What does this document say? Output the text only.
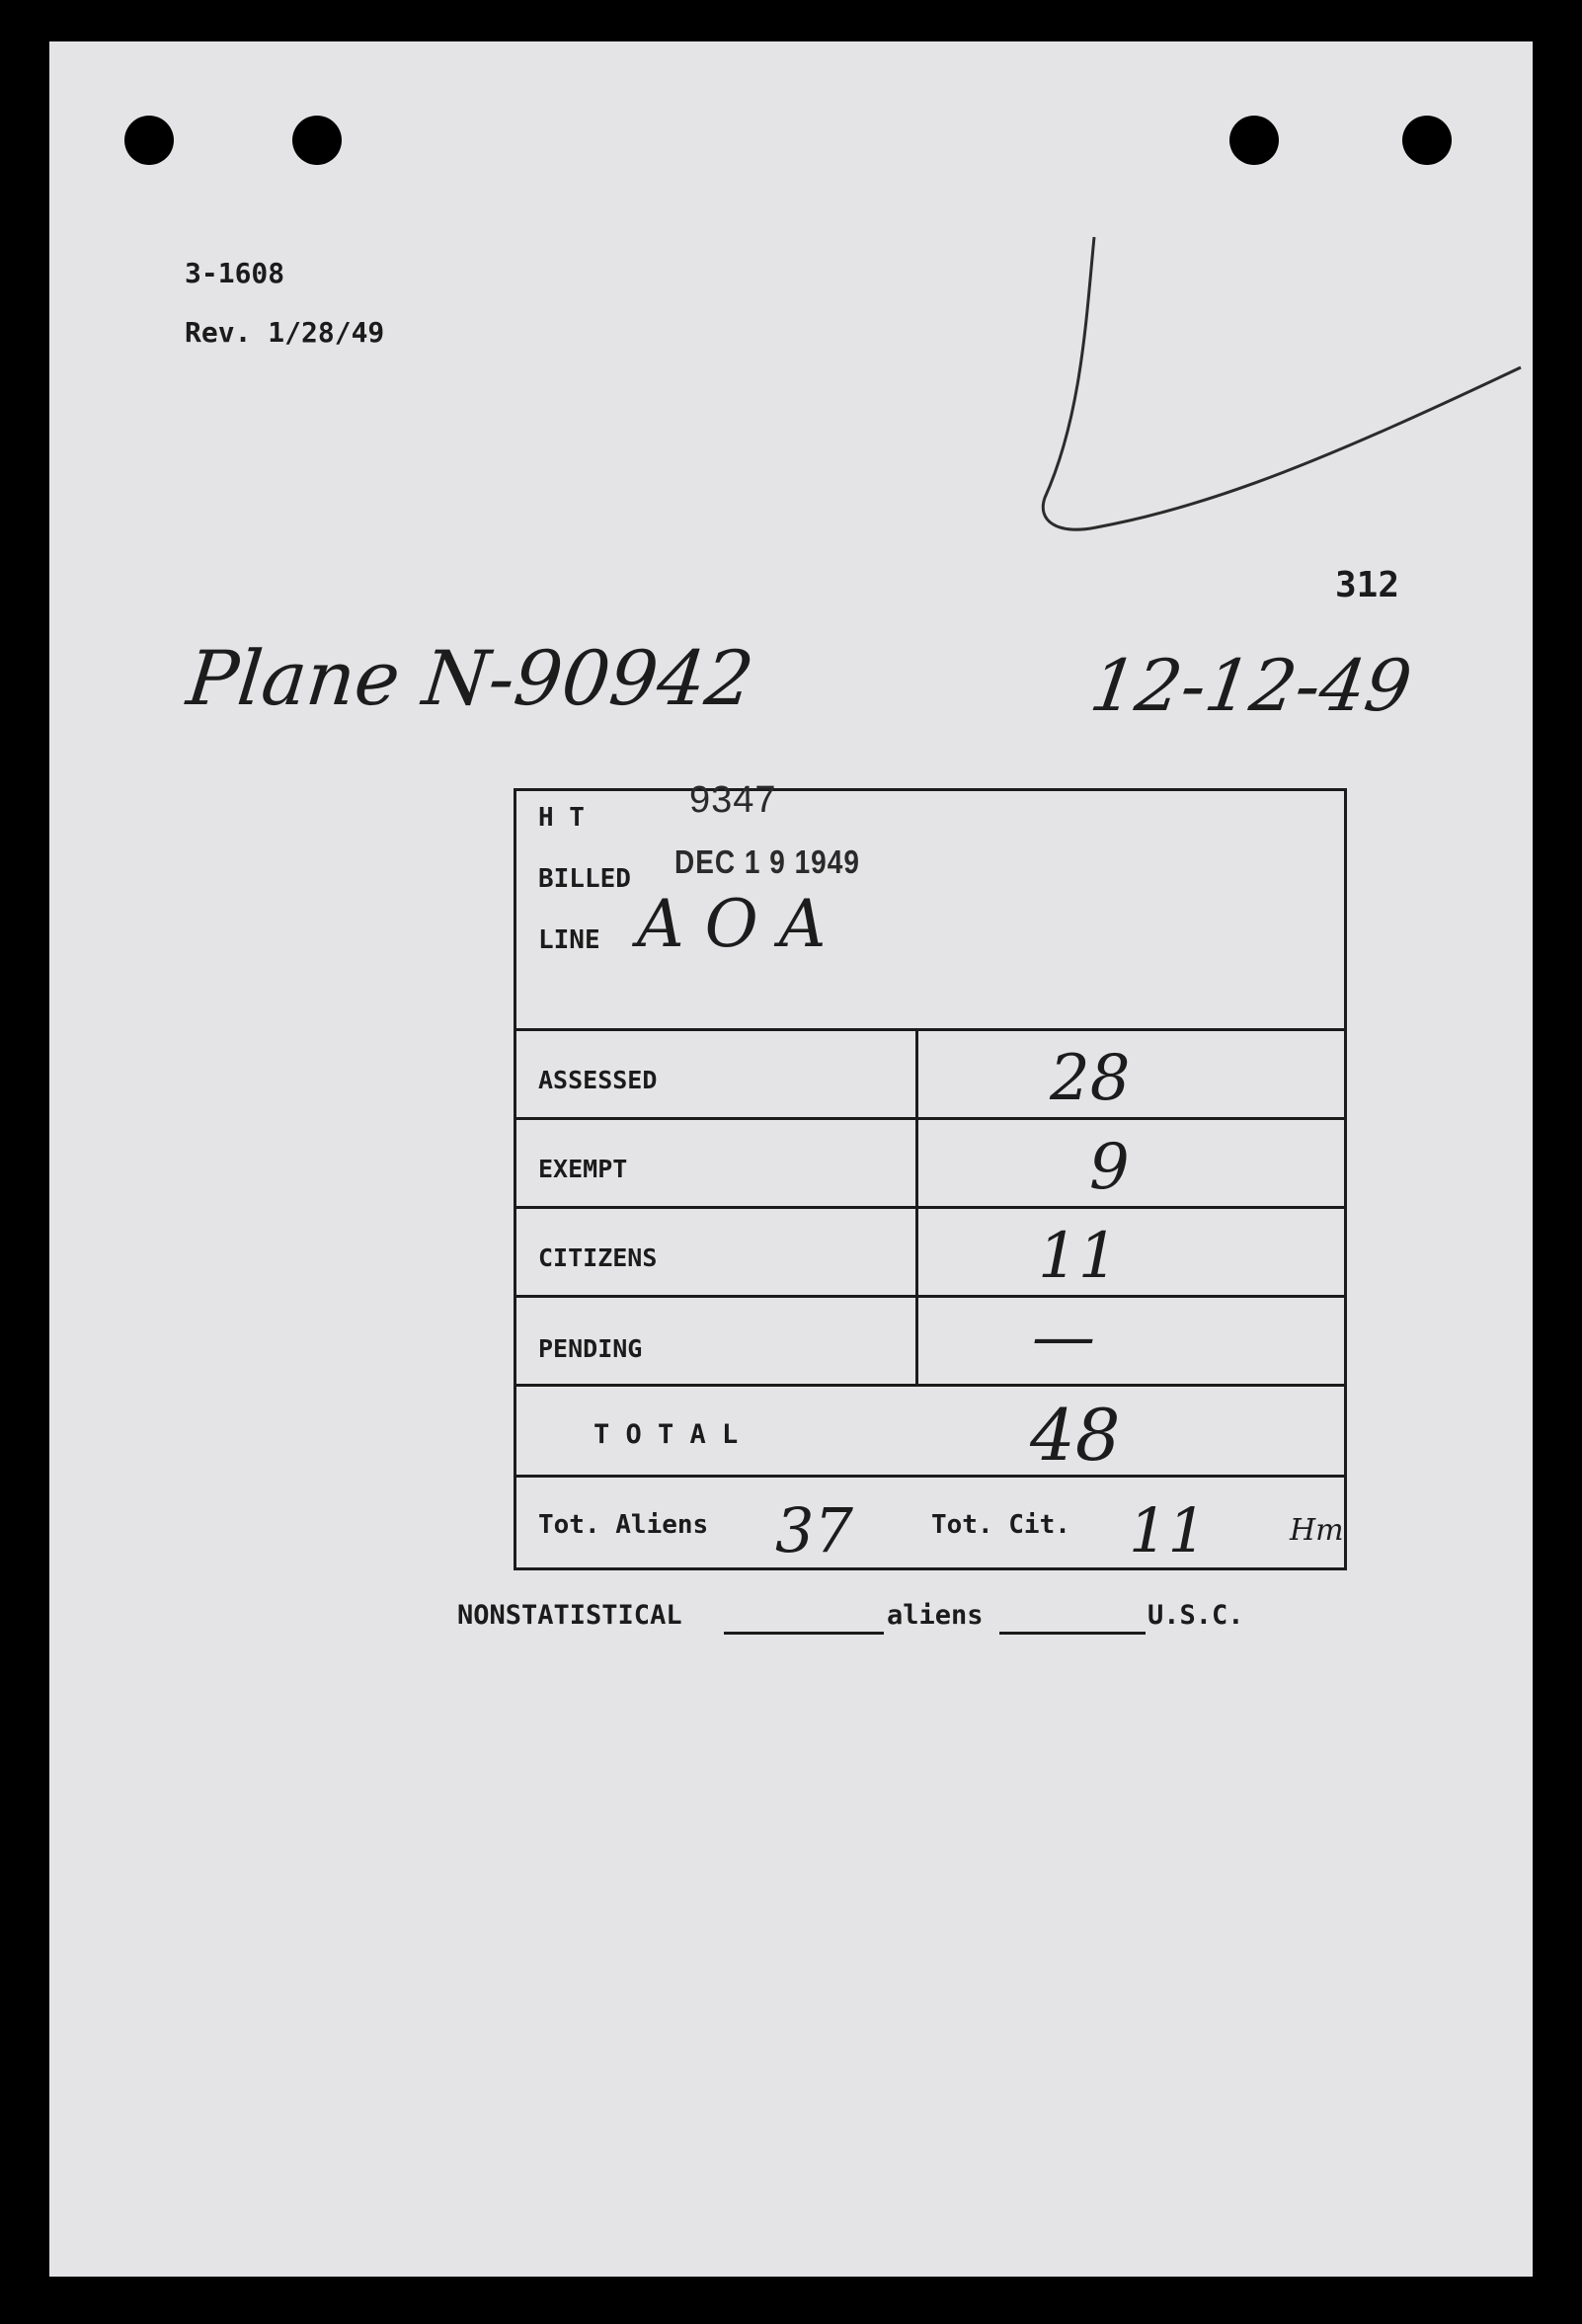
3-1608
Rev. 1/28/49
312
Plane N-90942	12-12-49
H T	9347
BILLED DEC 1 9 1949
LINE A O A
ASSESSED	28
EXEMPT	9
CITIZENS	11
PENDING	—
T O T A L	48
Tot. Aliens 37	Tot. Cit. 11	Hm
NONSTATISTICAL	aliens	U.S.C.
